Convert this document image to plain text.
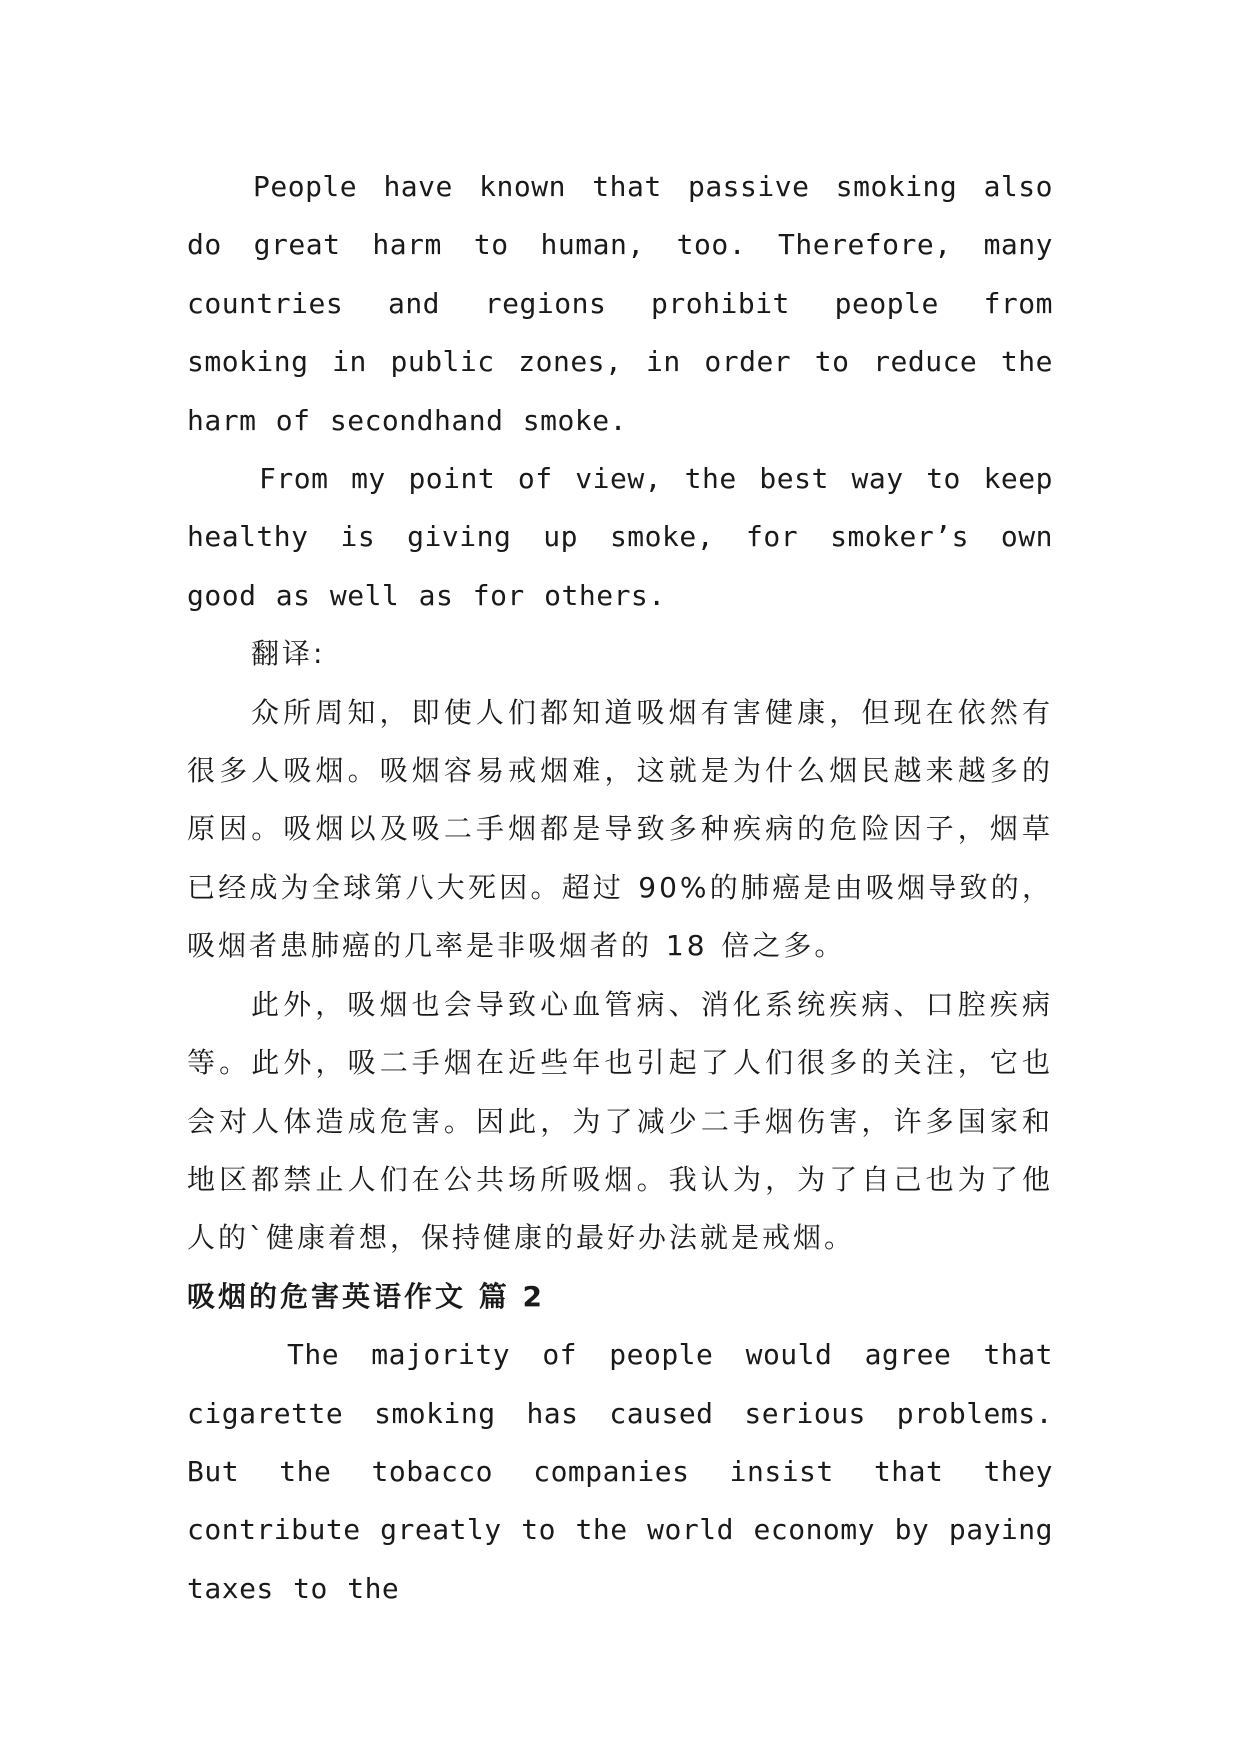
People have known that passive smoking also do great harm to human, too. Therefore, many countries and regions prohibit people from smoking in public zones, in order to reduce the harm of secondhand smoke.

From my point of view, the best way to keep healthy is giving up smoke, for smoker’s own good as well as for others.

翻译:

众所周知，即使人们都知道吸烟有害健康，但现在依然有很多人吸烟。吸烟容易戒烟难，这就是为什么烟民越来越多的原因。吸烟以及吸二手烟都是导致多种疾病的危险因子，烟草已经成为全球第八大死因。超过 90%的肺癌是由吸烟导致的，吸烟者患肺癌的几率是非吸烟者的 18 倍之多。

此外，吸烟也会导致心血管病、消化系统疾病、口腔疾病等。此外，吸二手烟在近些年也引起了人们很多的关注，它也会对人体造成危害。因此，为了减少二手烟伤害，许多国家和地区都禁止人们在公共场所吸烟。我认为，为了自己也为了他人的`健康着想，保持健康的最好办法就是戒烟。

吸烟的危害英语作文 篇 2

The majority of people would agree that cigarette smoking has caused serious problems. But the tobacco companies insist that they contribute greatly to the world economy by paying taxes to the
